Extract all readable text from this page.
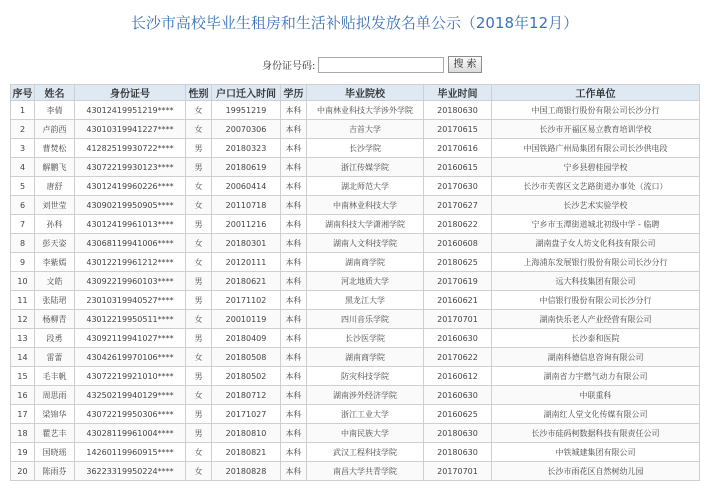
长沙市高校毕业生租房和生活补贴拟发放名单公示（2018年12月）
身份证号码:	搜 索
序号	姓名	身份证号	性别	户口迁入时间	学历	毕业院校	毕业时间	工作单位
1	李倩	43012419951219****	女	19951219	本科	中南林业科技大学涉外学院	20180630	中国工商银行股份有限公司长沙分行
2	卢韵西	43010319941227****	女	20070306	本科	吉首大学	20170615	长沙市开福区易立教育培训学校
3	曹焚松	41282519930722****	男	20180323	本科	长沙学院	20170616	中国铁路广州局集团有限公司长沙供电段
4	解鹏飞	43072219930123****	男	20180619	本科	浙江传媒学院	20160615	宁乡县碧桂园学校
5	唐舒	43012419960226****	女	20060414	本科	湖北师范大学	20170630	长沙市芙蓉区文艺路街道办事处（流口）
6	刘世莹	43090219950905****	女	20110718	本科	中南林业科技大学	20170627	长沙艺术实验学校
7	孙科	43012419961013****	男	20011216	本科	湖南科技大学潇湘学院	20180622	宁乡市玉潭街道城北初级中学 - 临聘
8	彭天姿	43068119941006****	女	20180301	本科	湖南人文科技学院	20160608	湖南盘子女人坊文化科技有限公司
9	李紫嫣	43012219961212****	女	20120111	本科	湖南商学院	20180625	上海浦东发展银行股份有限公司长沙分行
10	文皓	43092219960103****	男	20180621	本科	河北地质大学	20170619	远大科技集团有限公司
11	张陆珺	23010319940527****	男	20171102	本科	黑龙江大学	20160621	中信银行股份有限公司长沙分行
12	杨柳青	43012219950511****	女	20010119	本科	四川音乐学院	20170701	湖南快乐老人产业经营有限公司
13	段勇	43092119941027****	男	20180409	本科	长沙医学院	20160630	长沙泰和医院
14	雷蕾	43042619970106****	女	20180508	本科	湖南商学院	20170622	湖南科德信息咨询有限公司
15	毛丰帆	43072219921010****	男	20180502	本科	防灾科技学院	20160612	湖南省力宇燃气动力有限公司
16	周思雨	43250219940129****	女	20180712	本科	湖南涉外经济学院	20160630	中联重科
17	梁锦华	43072219950306****	男	20171027	本科	浙江工业大学	20160625	湖南红人堂文化传媒有限公司
18	瞿艺丰	43028119961004****	男	20180810	本科	中南民族大学	20180630	长沙市硅码柯数据科技有限责任公司
19	国晓瑶	14260119960915****	女	20180821	本科	武汉工程科技学院	20180630	中铁城建集团有限公司
20	陈雨芬	36223319950224****	女	20180828	本科	南昌大学共青学院	20170701	长沙市雨花区自然树幼儿园
